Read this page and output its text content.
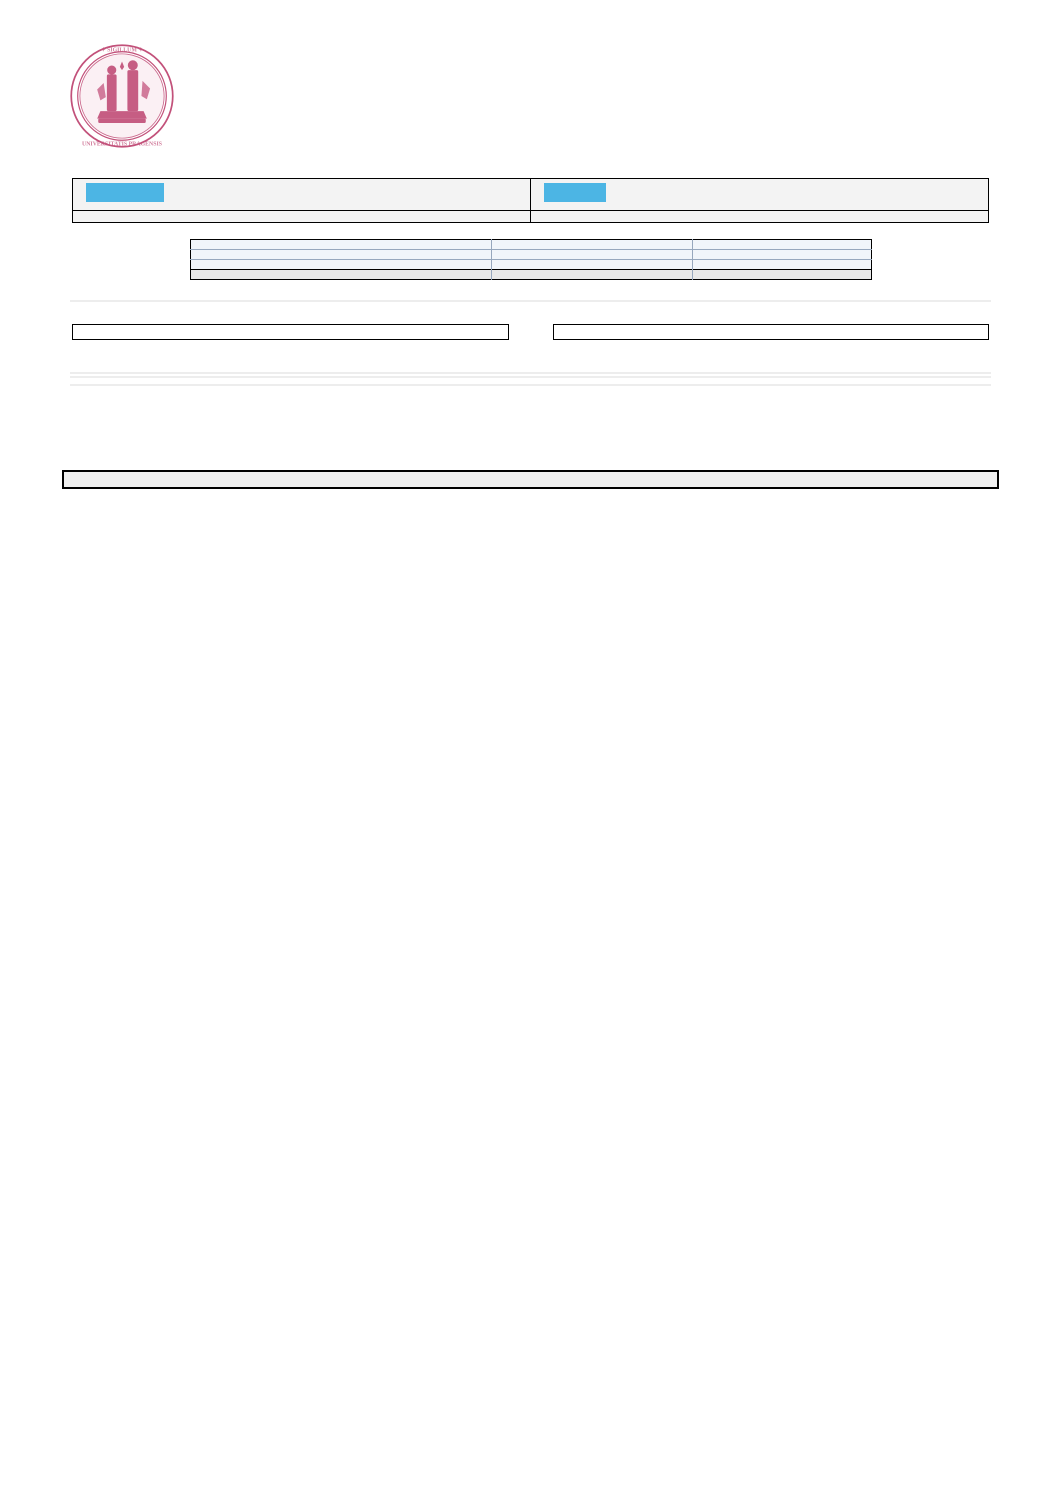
✦ SIGILLUM ✦
UNIVERSITATIS PRAGENSIS
